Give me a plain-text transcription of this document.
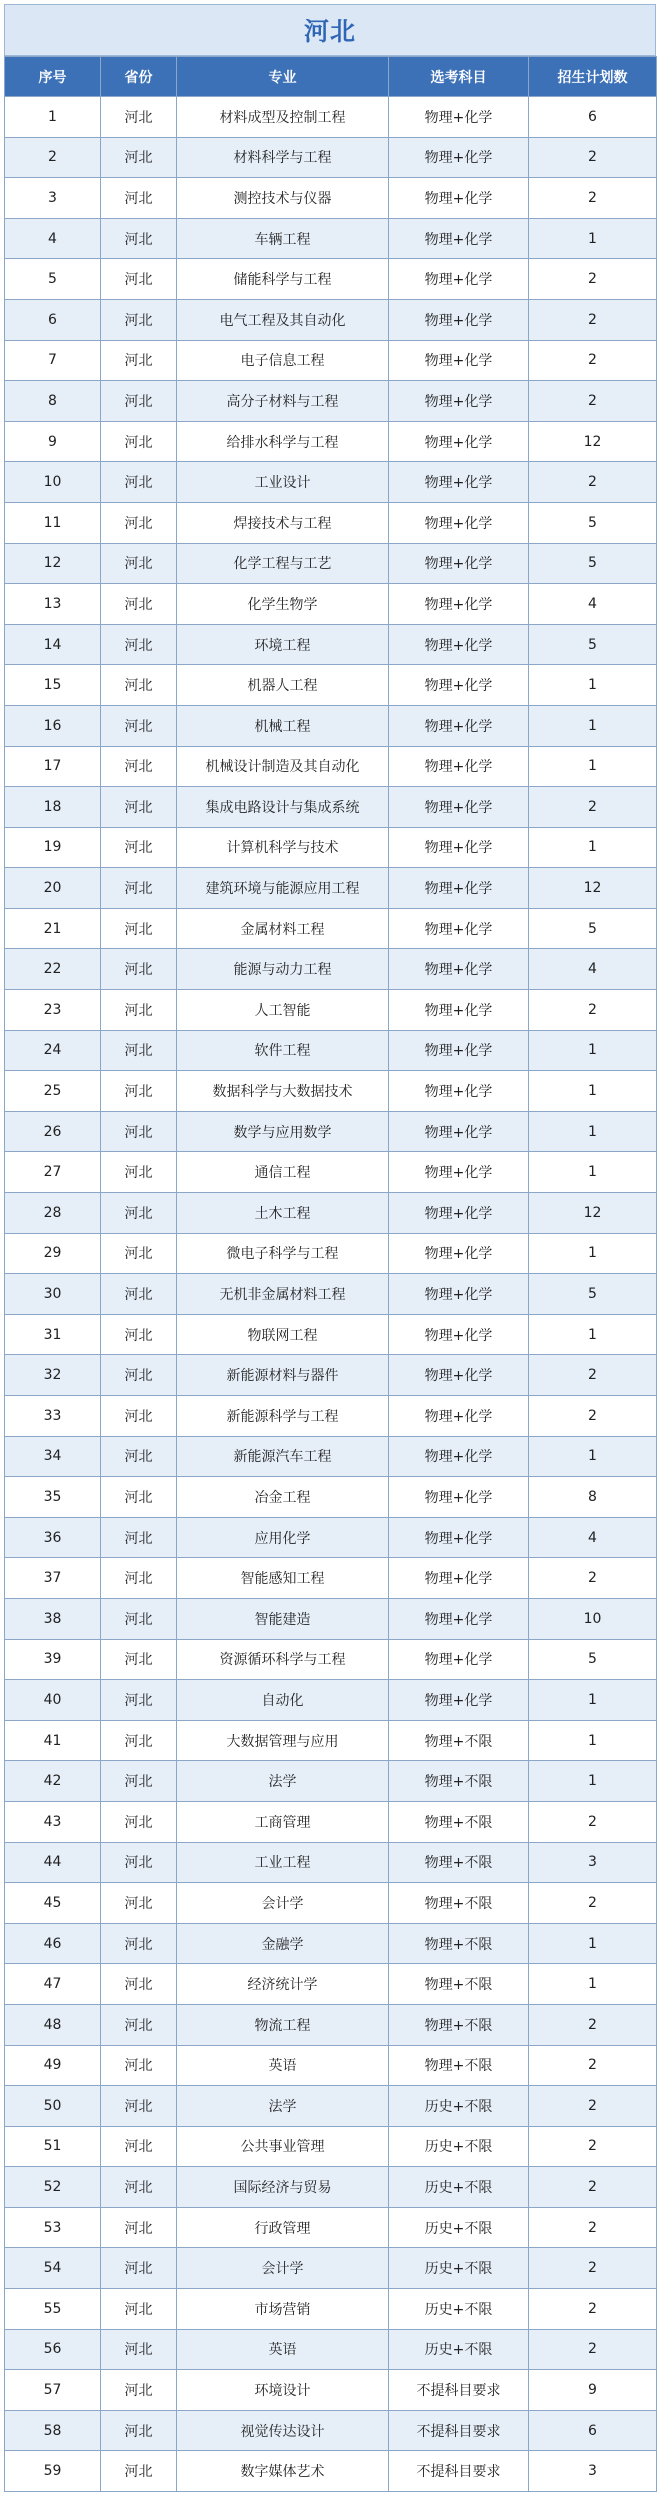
河北
序号	省份	专业	选考科目	招生计划数
1	河北	材料成型及控制工程	物理+化学	6
2	河北	材料科学与工程	物理+化学	2
3	河北	测控技术与仪器	物理+化学	2
4	河北	车辆工程	物理+化学	1
5	河北	储能科学与工程	物理+化学	2
6	河北	电气工程及其自动化	物理+化学	2
7	河北	电子信息工程	物理+化学	2
8	河北	高分子材料与工程	物理+化学	2
9	河北	给排水科学与工程	物理+化学	12
10	河北	工业设计	物理+化学	2
11	河北	焊接技术与工程	物理+化学	5
12	河北	化学工程与工艺	物理+化学	5
13	河北	化学生物学	物理+化学	4
14	河北	环境工程	物理+化学	5
15	河北	机器人工程	物理+化学	1
16	河北	机械工程	物理+化学	1
17	河北	机械设计制造及其自动化	物理+化学	1
18	河北	集成电路设计与集成系统	物理+化学	2
19	河北	计算机科学与技术	物理+化学	1
20	河北	建筑环境与能源应用工程	物理+化学	12
21	河北	金属材料工程	物理+化学	5
22	河北	能源与动力工程	物理+化学	4
23	河北	人工智能	物理+化学	2
24	河北	软件工程	物理+化学	1
25	河北	数据科学与大数据技术	物理+化学	1
26	河北	数学与应用数学	物理+化学	1
27	河北	通信工程	物理+化学	1
28	河北	土木工程	物理+化学	12
29	河北	微电子科学与工程	物理+化学	1
30	河北	无机非金属材料工程	物理+化学	5
31	河北	物联网工程	物理+化学	1
32	河北	新能源材料与器件	物理+化学	2
33	河北	新能源科学与工程	物理+化学	2
34	河北	新能源汽车工程	物理+化学	1
35	河北	冶金工程	物理+化学	8
36	河北	应用化学	物理+化学	4
37	河北	智能感知工程	物理+化学	2
38	河北	智能建造	物理+化学	10
39	河北	资源循环科学与工程	物理+化学	5
40	河北	自动化	物理+化学	1
41	河北	大数据管理与应用	物理+不限	1
42	河北	法学	物理+不限	1
43	河北	工商管理	物理+不限	2
44	河北	工业工程	物理+不限	3
45	河北	会计学	物理+不限	2
46	河北	金融学	物理+不限	1
47	河北	经济统计学	物理+不限	1
48	河北	物流工程	物理+不限	2
49	河北	英语	物理+不限	2
50	河北	法学	历史+不限	2
51	河北	公共事业管理	历史+不限	2
52	河北	国际经济与贸易	历史+不限	2
53	河北	行政管理	历史+不限	2
54	河北	会计学	历史+不限	2
55	河北	市场营销	历史+不限	2
56	河北	英语	历史+不限	2
57	河北	环境设计	不提科目要求	9
58	河北	视觉传达设计	不提科目要求	6
59	河北	数字媒体艺术	不提科目要求	3
